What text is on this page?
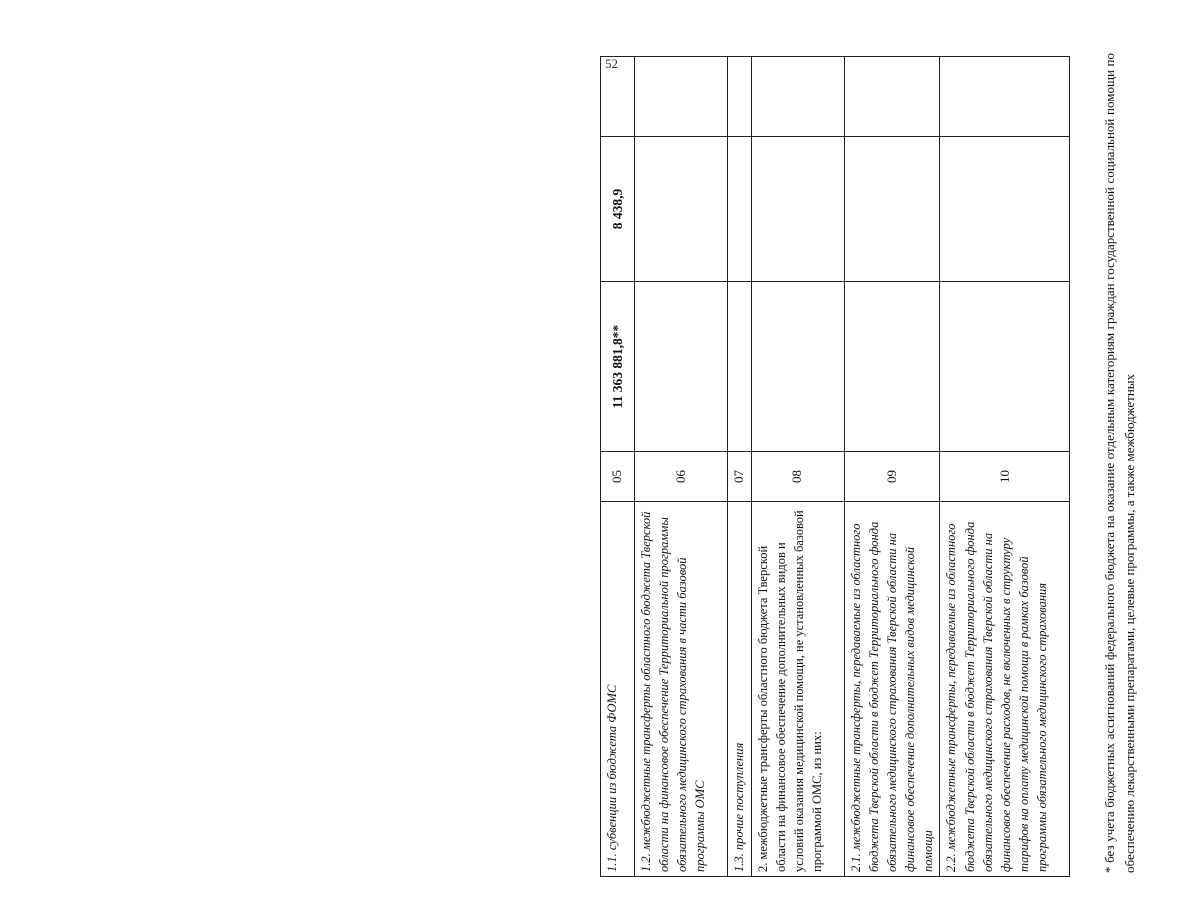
52
1.1. субвенции из бюджета ФОМС	05	11 363 881,8**	8 438,9	
1.2. межбюджетные трансферты областного бюджета Тверской области на финансовое обеспечение Территориальной программы обязательного медицинского страхования в части базовой программы ОМС	06			
1.3. прочие поступления	07			
2. межбюджетные трансферты областного бюджета Тверской области на финансовое обеспечение дополнительных видов и условий оказания медицинской помощи, не установленных базовой программой ОМС, из них:	08			
2.1. межбюджетные трансферты, передаваемые из областного бюджета Тверской области в бюджет Территориального фонда обязательного медицинского страхования Тверской области на финансовое обеспечение дополнительных видов медицинской помощи	09			
2.2. межбюджетные трансферты, передаваемые из областного бюджета Тверской области в бюджет Территориального фонда обязательного медицинского страхования Тверской области на финансовое обеспечение расходов, не включенных в структуру тарифов на оплату медицинской помощи в рамках базовой программы обязательного медицинского страхования	10				* без учета бюджетных ассигнований федерального бюджета на оказание отдельным категориям граждан государственной социальной помощи по обеспечению лекарственными препаратами, целевые программы, а также межбюджетных
